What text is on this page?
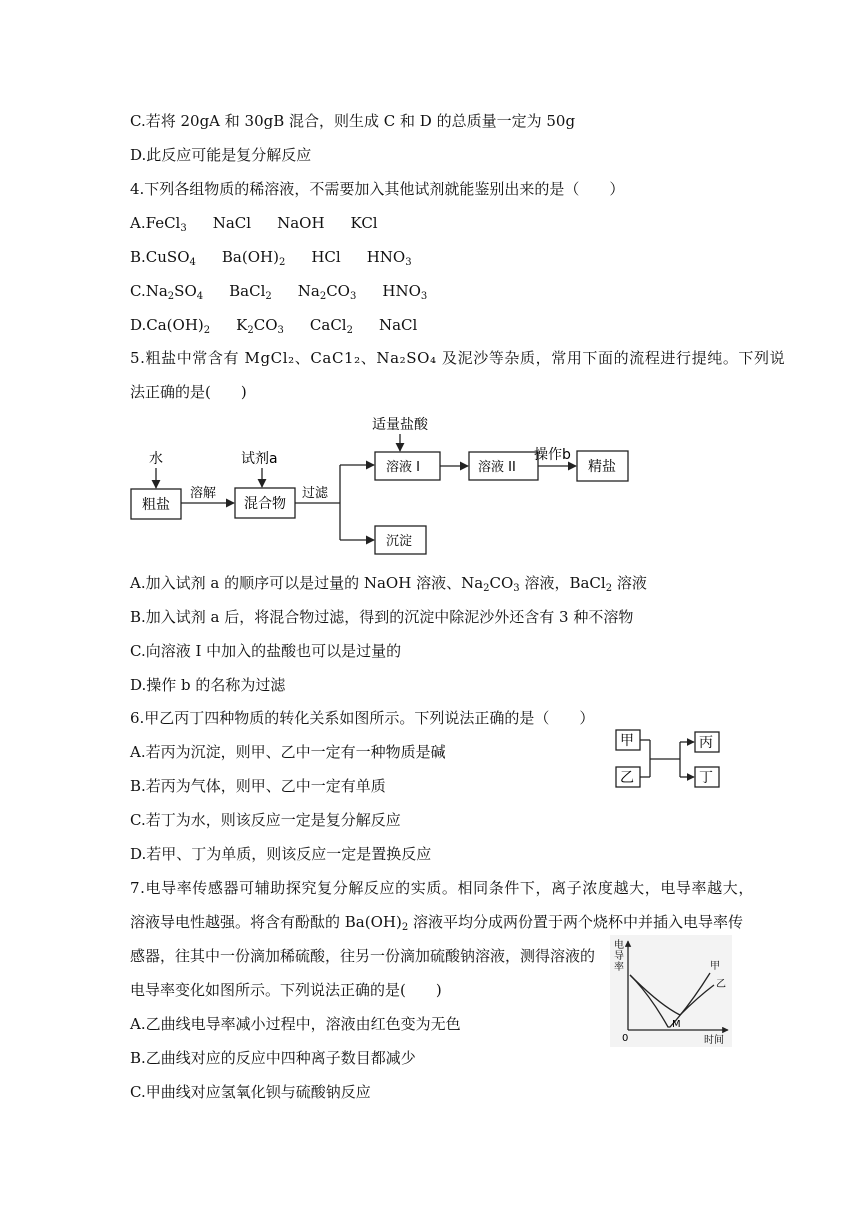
C.若将 20gA 和 30gB 混合，则生成 C 和 D 的总质量一定为 50g
D.此反应可能是复分解反应
4.下列各组物质的稀溶液，不需要加入其他试剂就能鉴别出来的是（　　）
A.FeCl$_3$ NaCl NaOH KCl
B.CuSO$_4$ $Ba(OH)_2$ HCl $HNO_3$
$C.Na_2SO_4$ BaCl$_2$ $Na_2CO_3$ $HNO_3$
$D.Ca(OH)_2$ $K_2CO_3$ CaCl$_2$ NaCl
5.粗盐中常含有 MgCl₂、CaC1₂、Na₂SO₄ 及泥沙等杂质，常用下面的流程进行提纯。下列说
法正确的是(　　)
水
粗盐
溶解
试剂a
混合物
过滤
适量盐酸
溶液 I	溶液 II
操作b
精盐
沉淀
A.加入试剂 a 的顺序可以是过量的 NaOH 溶液、$Na_2CO_3$ 溶液，BaCl$_2$ 溶液
B.加入试剂 a 后，将混合物过滤，得到的沉淀中除泥沙外还含有 3 种不溶物
C.向溶液 I 中加入的盐酸也可以是过量的
D.操作 b 的名称为过滤
6.甲乙丙丁四种物质的转化关系如图所示。下列说法正确的是（　　）
A.若丙为沉淀，则甲、乙中一定有一种物质是碱
B.若丙为气体，则甲、乙中一定有单质
C.若丁为水，则该反应一定是复分解反应
D.若甲、丁为单质，则该反应一定是置换反应
甲
乙
丙
丁
7.电导率传感器可辅助探究复分解反应的实质。相同条件下，离子浓度越大，电导率越大，
溶液导电性越强。将含有酚酞的 $Ba(OH)_2$ 溶液平均分成两份置于两个烧杯中并插入电导率传
感器，往其中一份滴加稀硫酸，往另一份滴加硫酸钠溶液，测得溶液的
电导率变化如图所示。下列说法正确的是(　　)
A.乙曲线电导率减小过程中，溶液由红色变为无色
B.乙曲线对应的反应中四种离子数目都减少
C.甲曲线对应氢氧化钡与硫酸钠反应
电
导
率
0	时间
甲
乙
M
